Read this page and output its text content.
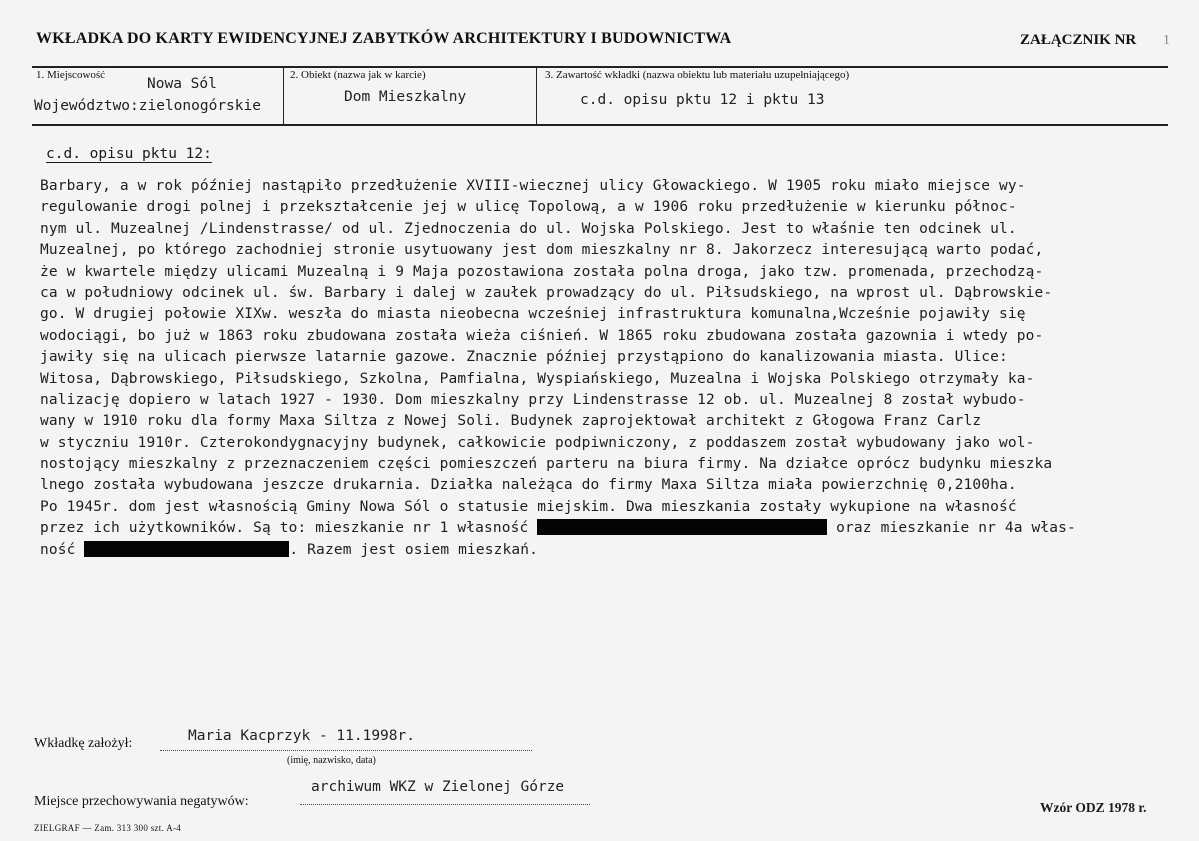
WKŁADKA DO KARTY EWIDENCYJNEJ ZABYTKÓW ARCHITEKTURY I BUDOWNICTWA	ZAŁĄCZNIK NR 1
1. Miejscowość
Nowa Sól
Województwo:zielonogórskie
2. Obiekt (nazwa jak w karcie)
Dom Mieszkalny
3. Zawartość wkładki (nazwa obiektu lub materiału uzupełniającego)
c.d. opisu pktu 12 i pktu 13
c.d. opisu pktu 12:
Barbary, a w rok później nastąpiło przedłużenie XVIII-wiecznej ulicy Głowackiego. W 1905 roku miało miejsce wy-
regulowanie drogi polnej i przekształcenie jej w ulicę Topolową, a w 1906 roku przedłużenie w kierunku północ-
nym ul. Muzealnej /Lindenstrasse/ od ul. Zjednoczenia do ul. Wojska Polskiego. Jest to właśnie ten odcinek ul.
Muzealnej, po którego zachodniej stronie usytuowany jest dom mieszkalny nr 8. Jakorzecz interesującą warto podać,
że w kwartele między ulicami Muzealną i 9 Maja pozostawiona została polna droga, jako tzw. promenada, przechodzą-
ca w południowy odcinek ul. św. Barbary i dalej w zaułek prowadzący do ul. Piłsudskiego, na wprost ul. Dąbrowskie-
go. W drugiej połowie XIXw. weszła do miasta nieobecna wcześniej infrastruktura komunalna,Wcześnie pojawiły się
wodociągi, bo już w 1863 roku zbudowana została wieża ciśnień. W 1865 roku zbudowana została gazownia i wtedy po-
jawiły się na ulicach pierwsze latarnie gazowe. Znacznie później przystąpiono do kanalizowania miasta. Ulice:
Witosa, Dąbrowskiego, Piłsudskiego, Szkolna, Pamfialna, Wyspiańskiego, Muzealna i Wojska Polskiego otrzymały ka-
nalizację dopiero w latach 1927 - 1930. Dom mieszkalny przy Lindenstrasse 12 ob. ul. Muzealnej 8 został wybudo-
wany w 1910 roku dla formy Maxa Siltza z Nowej Soli. Budynek zaprojektował architekt z Głogowa Franz Carlz
w styczniu 1910r. Czterokondygnacyjny budynek, całkowicie podpiwniczony, z poddaszem został wybudowany jako wol-
nostojący mieszkalny z przeznaczeniem części pomieszczeń parteru na biura firmy. Na działce oprócz budynku mieszka
lnego została wybudowana jeszcze drukarnia. Działka należąca do firmy Maxa Siltza miała powierzchnię 0,2100ha.
Po 1945r. dom jest własnością Gminy Nowa Sól o statusie miejskim. Dwa mieszkania zostały wykupione na własność
przez ich użytkowników. Są to: mieszkanie nr 1 własność	oraz mieszkanie nr 4a włas-
ność	. Razem jest osiem mieszkań.
Wkładkę założył:	Maria Kacprzyk - 11.1998r.
(imię, nazwisko, data)
Miejsce przechowywania negatywów:
archiwum WKZ w Zielonej Górze
Wzór ODZ 1978 r.
ZIELGRAF — Zam. 313 300 szt. A-4
